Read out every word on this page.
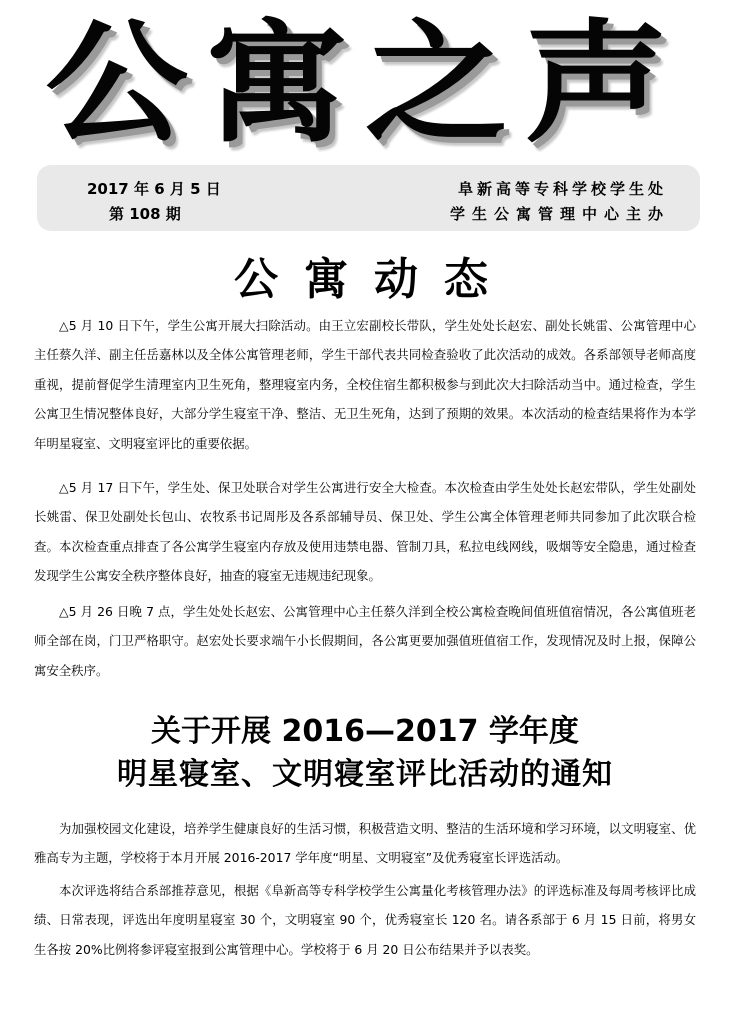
公寓之声
2017 年 6 月 5 日
第 108 期
阜新高等专科学校学生处
学生公寓管理中心主办
公寓动态

△5 月 10 日下午，学生公寓开展大扫除活动。由王立宏副校长带队，学生处处长赵宏、副处长姚雷、公寓管理中心主任蔡久洋、副主任岳嘉林以及全体公寓管理老师，学生干部代表共同检查验收了此次活动的成效。各系部领导老师高度重视，提前督促学生清理室内卫生死角，整理寝室内务，全校住宿生都积极参与到此次大扫除活动当中。通过检查，学生公寓卫生情况整体良好，大部分学生寝室干净、整洁、无卫生死角，达到了预期的效果。本次活动的检查结果将作为本学年明星寝室、文明寝室评比的重要依据。

△5 月 17 日下午，学生处、保卫处联合对学生公寓进行安全大检查。本次检查由学生处处长赵宏带队，学生处副处长姚雷、保卫处副处长包山、农牧系书记周彤及各系部辅导员、保卫处、学生公寓全体管理老师共同参加了此次联合检查。本次检查重点排查了各公寓学生寝室内存放及使用违禁电器、管制刀具，私拉电线网线，吸烟等安全隐患，通过检查发现学生公寓安全秩序整体良好，抽查的寝室无违规违纪现象。

△5 月 26 日晚 7 点，学生处处长赵宏、公寓管理中心主任蔡久洋到全校公寓检查晚间值班值宿情况，各公寓值班老师全部在岗，门卫严格职守。赵宏处长要求端午小长假期间，各公寓更要加强值班值宿工作，发现情况及时上报，保障公寓安全秩序。

关于开展 2016—2017 学年度
明星寝室、文明寝室评比活动的通知

为加强校园文化建设，培养学生健康良好的生活习惯，积极营造文明、整洁的生活环境和学习环境，以文明寝室、优雅高专为主题，学校将于本月开展 2016-2017 学年度“明星、文明寝室”及优秀寝室长评选活动。

本次评选将结合系部推荐意见，根据《阜新高等专科学校学生公寓量化考核管理办法》的评选标准及每周考核评比成绩、日常表现，评选出年度明星寝室 30 个，文明寝室 90 个，优秀寝室长 120 名。请各系部于 6 月 15 日前，将男女生各按 20%比例将参评寝室报到公寓管理中心。学校将于 6 月 20 日公布结果并予以表奖。
